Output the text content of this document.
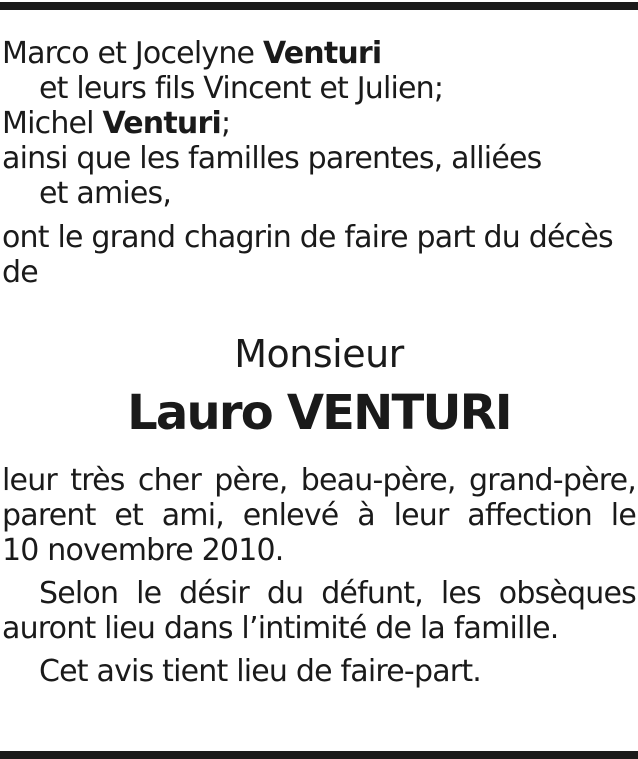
Marco et Jocelyne Venturi
et leurs fils Vincent et Julien;
Michel Venturi;
ainsi que les familles parentes, alliées
et amies,
ont le grand chagrin de faire part du décès
de
Monsieur
Lauro VENTURI
leur très cher père, beau-père, grand-père,
parent et ami, enlevé à leur affection le
10 novembre 2010.
Selon le désir du défunt, les obsèques
auront lieu dans l’intimité de la famille.
Cet avis tient lieu de faire-part.
